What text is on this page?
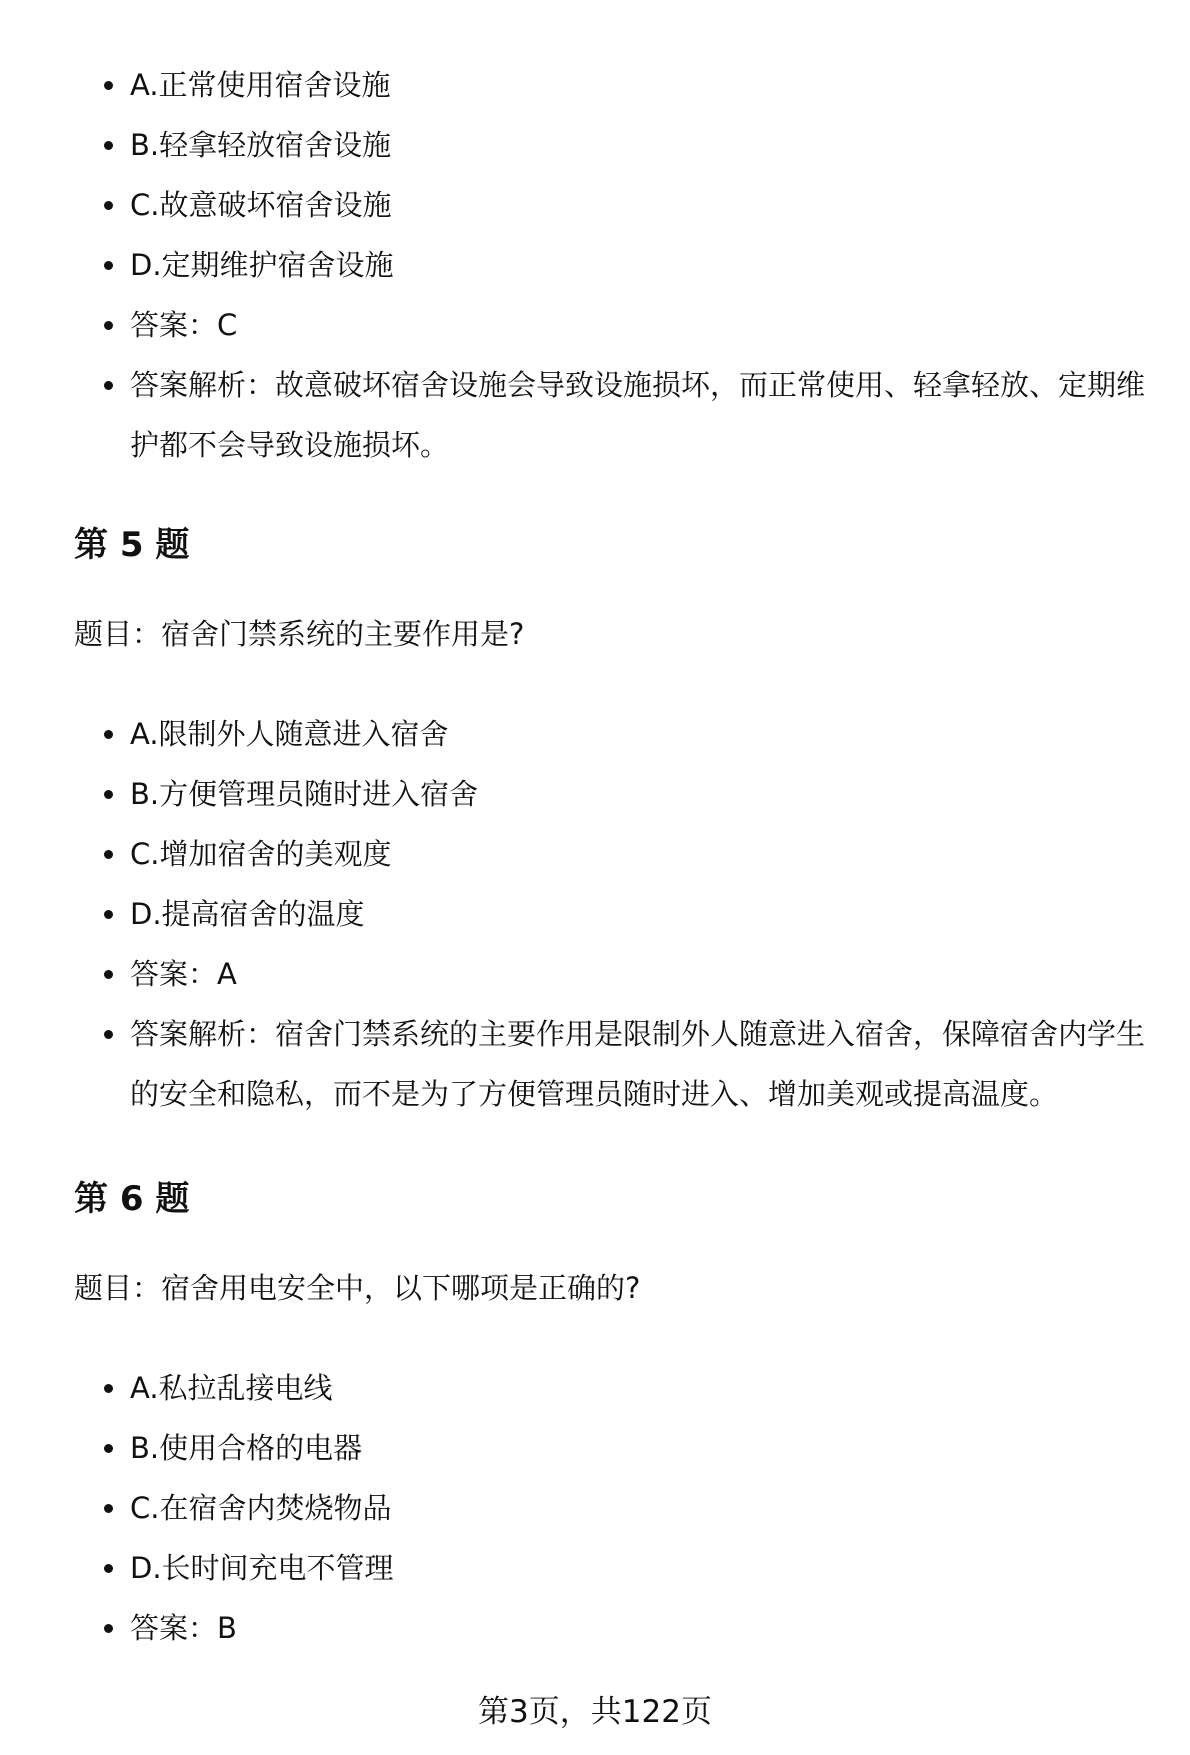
A.正常使用宿舍设施
B.轻拿轻放宿舍设施
C.故意破坏宿舍设施
D.定期维护宿舍设施
答案：C
答案解析：故意破坏宿舍设施会导致设施损坏，而正常使用、轻拿轻放、定期维护都不会导致设施损坏。
第 5 题

题目：宿舍门禁系统的主要作用是?

A.限制外人随意进入宿舍
B.方便管理员随时进入宿舍
C.增加宿舍的美观度
D.提高宿舍的温度
答案：A
答案解析：宿舍门禁系统的主要作用是限制外人随意进入宿舍，保障宿舍内学生的安全和隐私，而不是为了方便管理员随时进入、增加美观或提高温度。
第 6 题

题目：宿舍用电安全中，以下哪项是正确的?

A.私拉乱接电线
B.使用合格的电器
C.在宿舍内焚烧物品
D.长时间充电不管理
答案：B
第3页，共122页
